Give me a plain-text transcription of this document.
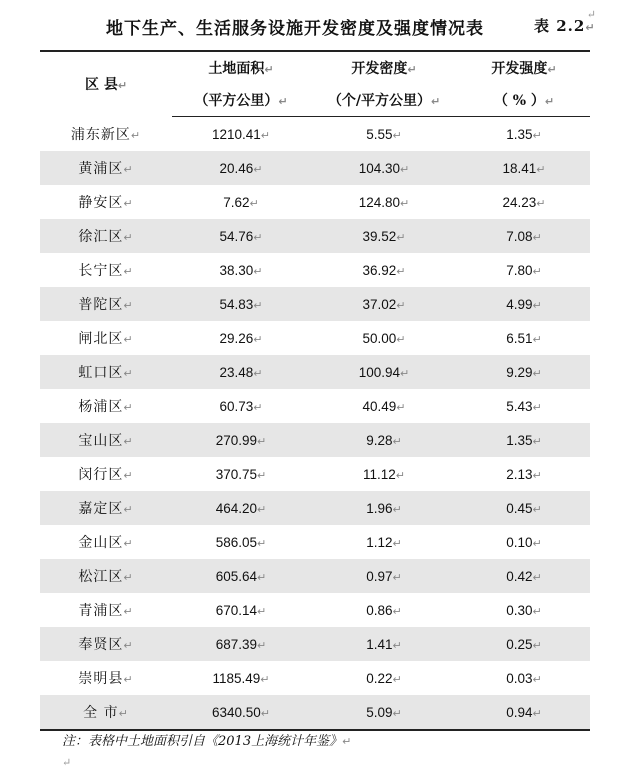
↵
地下生产、生活服务设施开发密度及强度情况表	表 2.2↵
区 县↵	土地面积↵	开发密度↵	开发强度↵
	（平方公里）↵	（个/平方公里）↵	（ % ）↵
浦东新区↵	1210.41↵	5.55↵	1.35↵
黄浦区↵	20.46↵	104.30↵	18.41↵
静安区↵	7.62↵	124.80↵	24.23↵
徐汇区↵	54.76↵	39.52↵	7.08↵
长宁区↵	38.30↵	36.92↵	7.80↵
普陀区↵	54.83↵	37.02↵	4.99↵
闸北区↵	29.26↵	50.00↵	6.51↵
虹口区↵	23.48↵	100.94↵	9.29↵
杨浦区↵	60.73↵	40.49↵	5.43↵
宝山区↵	270.99↵	9.28↵	1.35↵
闵行区↵	370.75↵	11.12↵	2.13↵
嘉定区↵	464.20↵	1.96↵	0.45↵
金山区↵	586.05↵	1.12↵	0.10↵
松江区↵	605.64↵	0.97↵	0.42↵
青浦区↵	670.14↵	0.86↵	0.30↵
奉贤区↵	687.39↵	1.41↵	0.25↵
崇明县↵	1185.49↵	0.22↵	0.03↵
全 市↵	6340.50↵	5.09↵	0.94↵
注：表格中土地面积引自《2013上海统计年鉴》↵
↵
